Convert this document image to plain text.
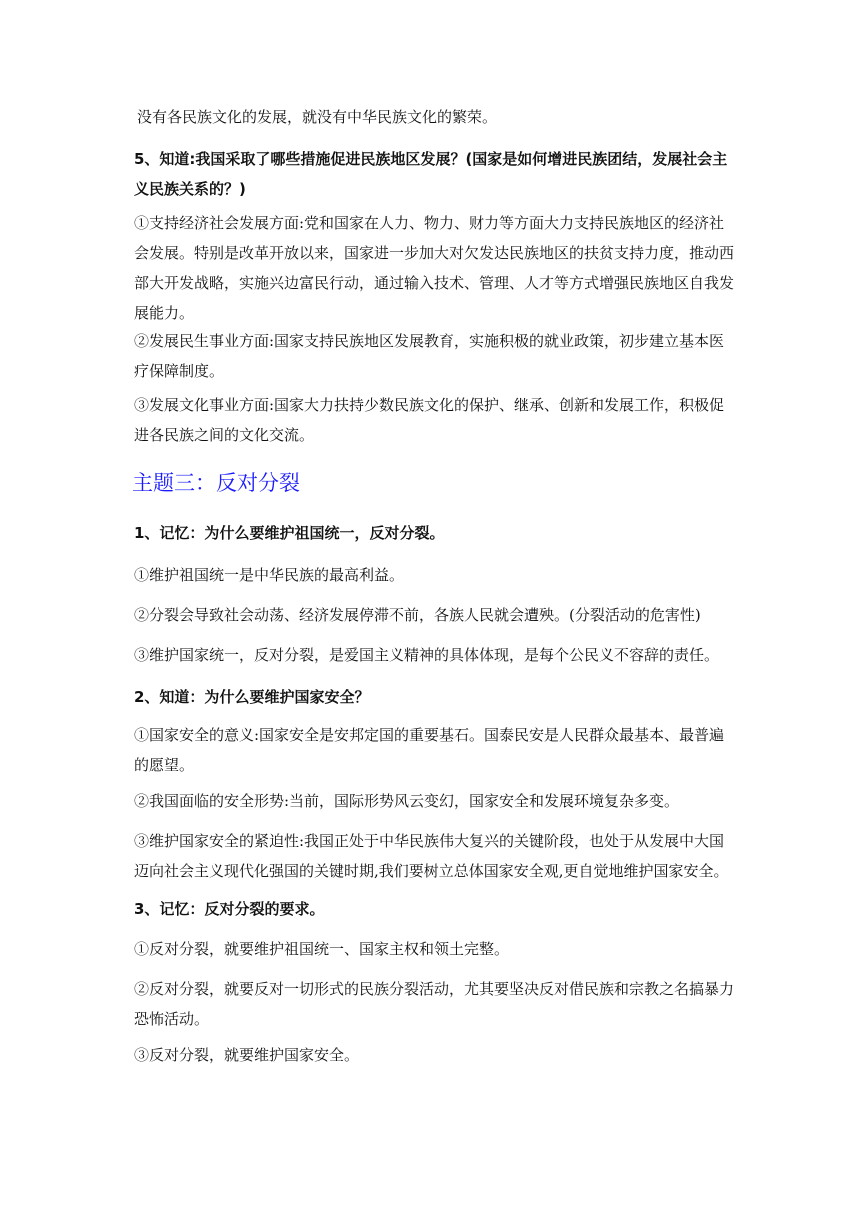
没有各民族文化的发展，就没有中华民族文化的繁荣。
5、知道:我国采取了哪些措施促进民族地区发展？(国家是如何增进民族团结，发展社会主
义民族关系的？)
①支持经济社会发展方面:党和国家在人力、物力、财力等方面大力支持民族地区的经济社
会发展。特别是改革开放以来，国家进一步加大对欠发达民族地区的扶贫支持力度，推动西
部大开发战略，实施兴边富民行动，通过输入技术、管理、人才等方式增强民族地区自我发
展能力。
②发展民生事业方面:国家支持民族地区发展教育，实施积极的就业政策，初步建立基本医
疗保障制度。
③发展文化事业方面:国家大力扶持少数民族文化的保护、继承、创新和发展工作，积极促
进各民族之间的文化交流。
主题三：反对分裂
1、记忆：为什么要维护祖国统一，反对分裂。
①维护祖国统一是中华民族的最高利益。
②分裂会导致社会动荡、经济发展停滞不前，各族人民就会遭殃。(分裂活动的危害性)
③维护国家统一，反对分裂，是爱国主义精神的具体体现，是每个公民义不容辞的责任。
2、知道：为什么要维护国家安全？
①国家安全的意义:国家安全是安邦定国的重要基石。国泰民安是人民群众最基本、最普遍
的愿望。
②我国面临的安全形势:当前，国际形势风云变幻，国家安全和发展环境复杂多变。
③维护国家安全的紧迫性:我国正处于中华民族伟大复兴的关键阶段，也处于从发展中大国
迈向社会主义现代化强国的关键时期,我们要树立总体国家安全观,更自觉地维护国家安全。
3、记忆：反对分裂的要求。
①反对分裂，就要维护祖国统一、国家主权和领土完整。
②反对分裂，就要反对一切形式的民族分裂活动，尤其要坚决反对借民族和宗教之名搞暴力
恐怖活动。
③反对分裂，就要维护国家安全。
